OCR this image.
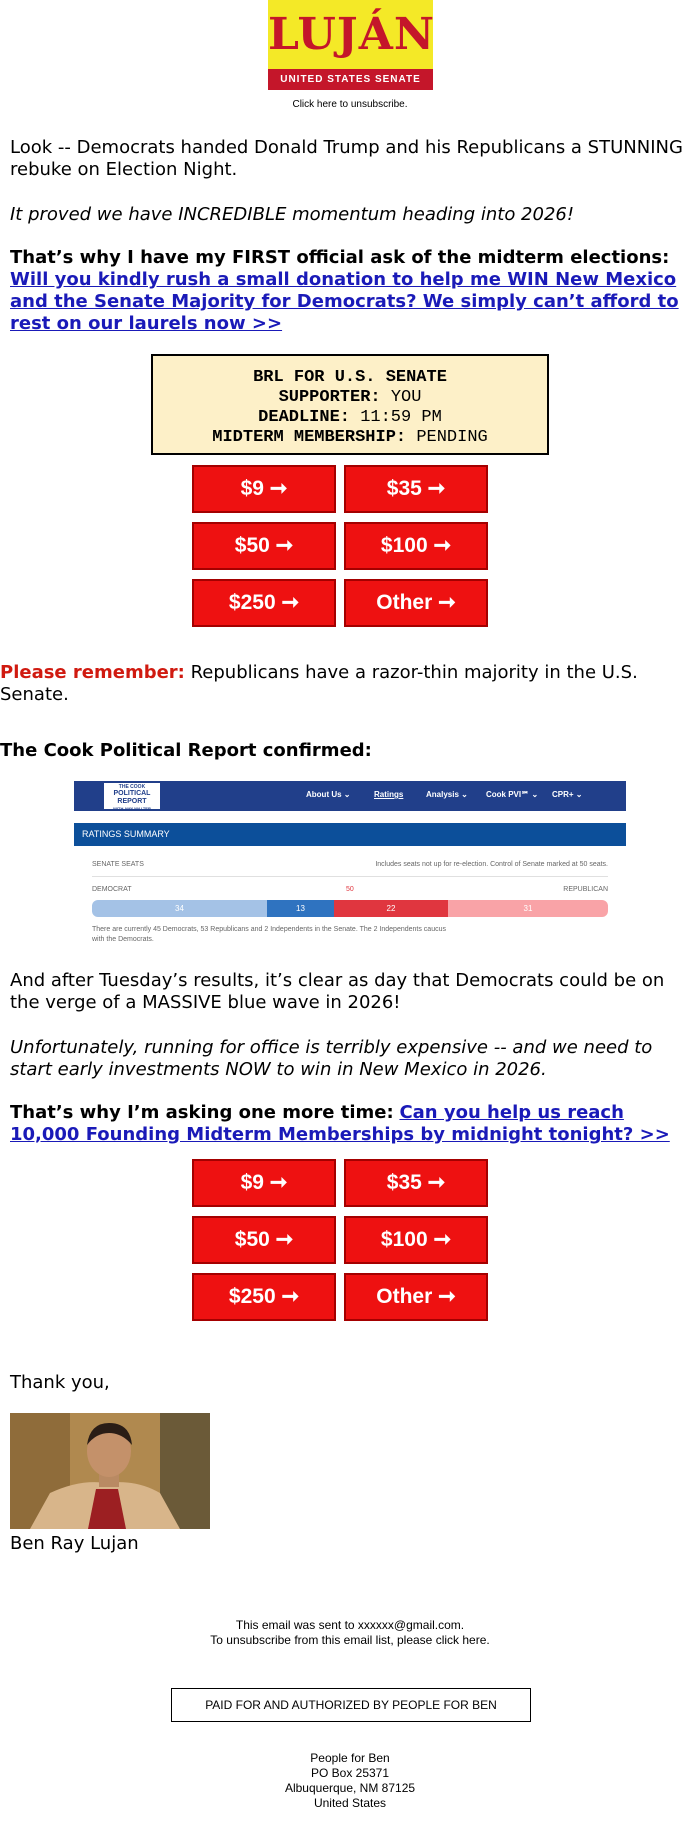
LUJÁN
UNITED STATES SENATE
Click here to unsubscribe.

Look -- Democrats handed Donald Trump and his Republicans a STUNNING rebuke on Election Night.

It proved we have INCREDIBLE momentum heading into 2026!

That’s why I have my FIRST official ask of the midterm elections:
Will you kindly rush a small donation to help me WIN New Mexico and the Senate Majority for Democrats? We simply can’t afford to rest on our laurels now >>

BRL FOR U.S. SENATE
SUPPORTER: YOU
DEADLINE: 11:59 PM
MIDTERM MEMBERSHIP: PENDING
$9 ➞	$35 ➞
$50 ➞	$100 ➞
$250 ➞	Other ➞

Please remember: Republicans have a razor-thin majority in the U.S. Senate.

The Cook Political Report confirmed:

THE COOK
POLITICAL
REPORT
WITH AMY WALTER
About Us ⌄	Ratings	Analysis ⌄ Cook PVI℠ ⌄ CPR+ ⌄
RATINGS SUMMARY
SENATE SEATS	Includes seats not up for re-election. Control of Senate marked at 50 seats.
DEMOCRAT	50	REPUBLICAN
34	13	22	31
There are currently 45 Democrats, 53 Republicans and 2 Independents in the Senate. The 2 Independents caucus
with the Democrats.

And after Tuesday’s results, it’s clear as day that Democrats could be on the verge of a MASSIVE blue wave in 2026!

Unfortunately, running for office is terribly expensive -- and we need to start early investments NOW to win in New Mexico in 2026.

That’s why I’m asking one more time: Can you help us reach 10,000 Founding Midterm Memberships by midnight tonight? >>

$9 ➞	$35 ➞
$50 ➞	$100 ➞
$250 ➞	Other ➞

Thank you,

Ben Ray Lujan

This email was sent to xxxxxx@gmail.com.

To unsubscribe from this email list, please click here.
PAID FOR AND AUTHORIZED BY PEOPLE FOR BEN

People for Ben

PO Box 25371

Albuquerque, NM 87125

United States
